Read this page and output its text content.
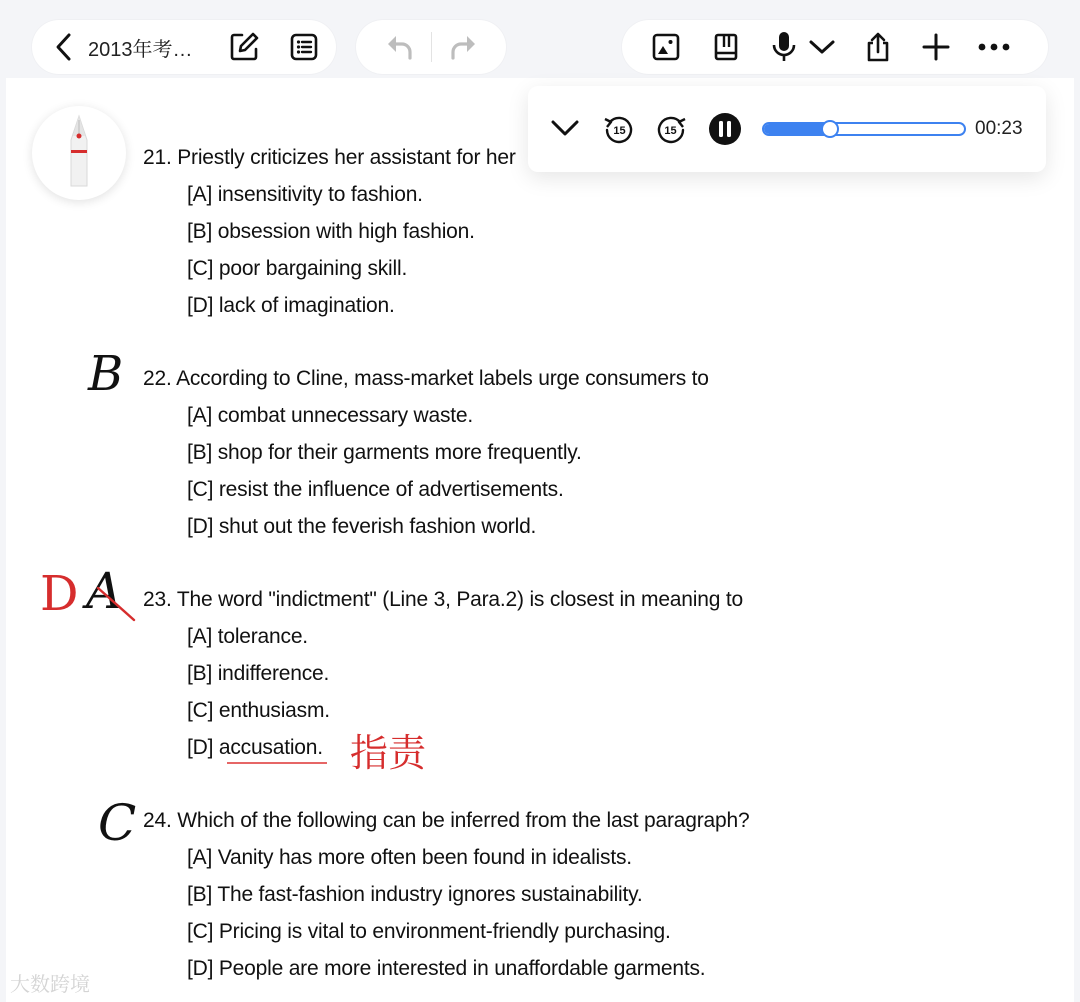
2013年考…
15	15	00:23
21. Priestly criticizes her assistant for her
[A] insensitivity to fashion.
[B] obsession with high fashion.
[C] poor bargaining skill.
[D] lack of imagination.
22. According to Cline, mass-market labels urge consumers to
[A] combat unnecessary waste.
[B] shop for their garments more frequently.
[C] resist the influence of advertisements.
[D] shut out the feverish fashion world.
23. The word "indictment" (Line 3, Para.2) is closest in meaning to
[A] tolerance.
[B] indifference.
[C] enthusiasm.
[D] accusation.
24. Which of the following can be inferred from the last paragraph?
[A] Vanity has more often been found in idealists.
[B] The fast-fashion industry ignores sustainability.
[C] Pricing is vital to environment-friendly purchasing.
[D] People are more interested in unaffordable garments.
B
D A
指责
C
大数跨境
